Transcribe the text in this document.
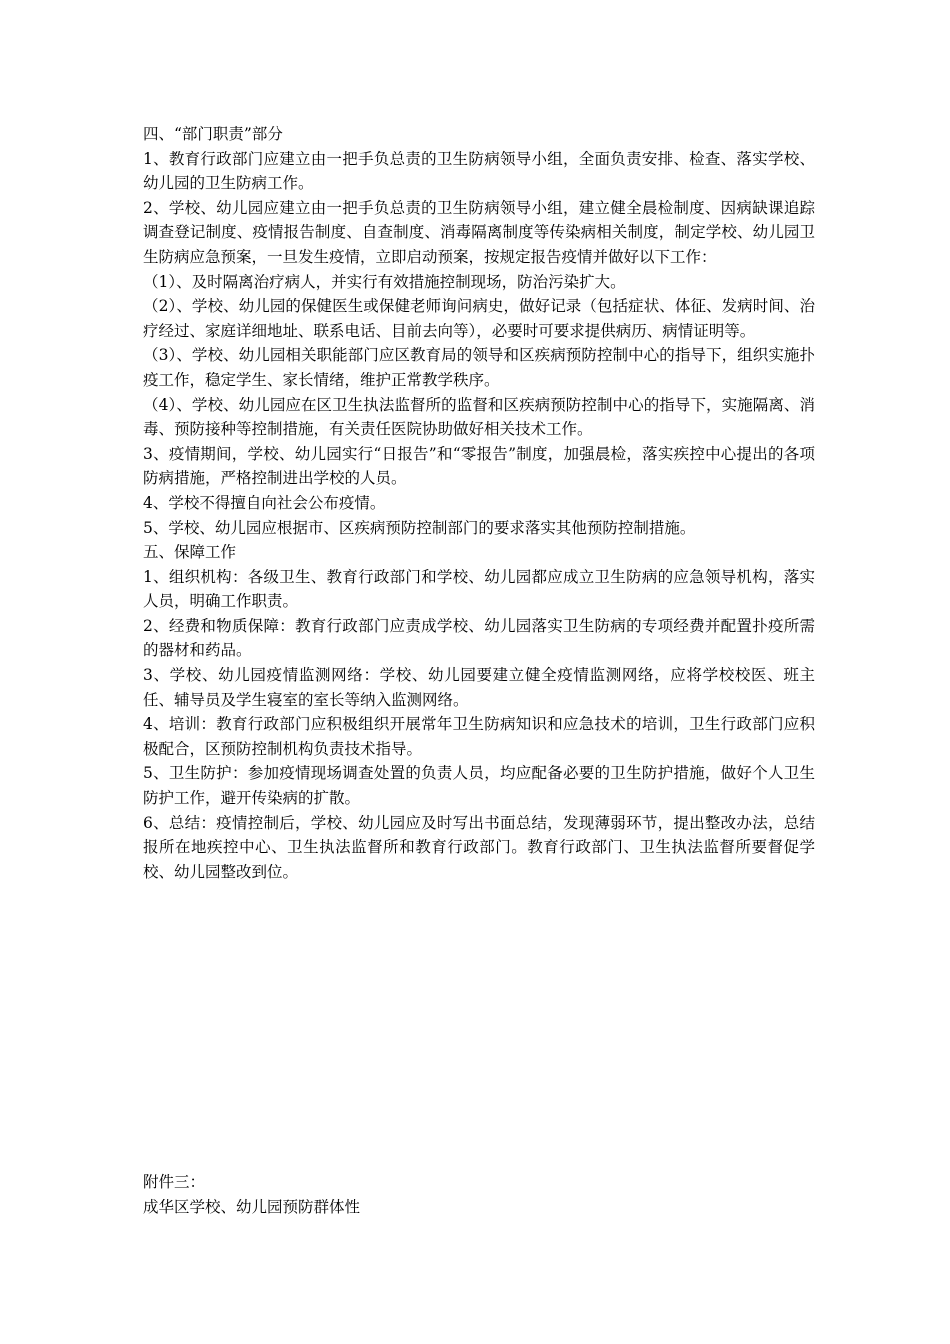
四、“部门职责”部分

1、教育行政部门应建立由一把手负总责的卫生防病领导小组，全面负责安排、检查、落实学校、幼儿园的卫生防病工作。

2、学校、幼儿园应建立由一把手负总责的卫生防病领导小组，建立健全晨检制度、因病缺课追踪调查登记制度、疫情报告制度、自查制度、消毒隔离制度等传染病相关制度，制定学校、幼儿园卫生防病应急预案，一旦发生疫情，立即启动预案，按规定报告疫情并做好以下工作：

（1）、及时隔离治疗病人，并实行有效措施控制现场，防治污染扩大。

（2）、学校、幼儿园的保健医生或保健老师询问病史，做好记录（包括症状、体征、发病时间、治疗经过、家庭详细地址、联系电话、目前去向等），必要时可要求提供病历、病情证明等。

（3）、学校、幼儿园相关职能部门应区教育局的领导和区疾病预防控制中心的指导下，组织实施扑疫工作，稳定学生、家长情绪，维护正常教学秩序。

（4）、学校、幼儿园应在区卫生执法监督所的监督和区疾病预防控制中心的指导下，实施隔离、消毒、预防接种等控制措施，有关责任医院协助做好相关技术工作。

3、疫情期间，学校、幼儿园实行“日报告”和“零报告”制度，加强晨检，落实疾控中心提出的各项防病措施，严格控制进出学校的人员。

4、学校不得擅自向社会公布疫情。

5、学校、幼儿园应根据市、区疾病预防控制部门的要求落实其他预防控制措施。

五、保障工作

1、组织机构：各级卫生、教育行政部门和学校、幼儿园都应成立卫生防病的应急领导机构，落实人员，明确工作职责。

2、经费和物质保障：教育行政部门应责成学校、幼儿园落实卫生防病的专项经费并配置扑疫所需的器材和药品。

3、学校、幼儿园疫情监测网络：学校、幼儿园要建立健全疫情监测网络，应将学校校医、班主任、辅导员及学生寝室的室长等纳入监测网络。

4、培训：教育行政部门应积极组织开展常年卫生防病知识和应急技术的培训，卫生行政部门应积极配合，区预防控制机构负责技术指导。

5、卫生防护：参加疫情现场调查处置的负责人员，均应配备必要的卫生防护措施，做好个人卫生防护工作，避开传染病的扩散。

6、总结：疫情控制后，学校、幼儿园应及时写出书面总结，发现薄弱环节，提出整改办法，总结报所在地疾控中心、卫生执法监督所和教育行政部门。教育行政部门、卫生执法监督所要督促学校、幼儿园整改到位。

附件三：

成华区学校、幼儿园预防群体性
